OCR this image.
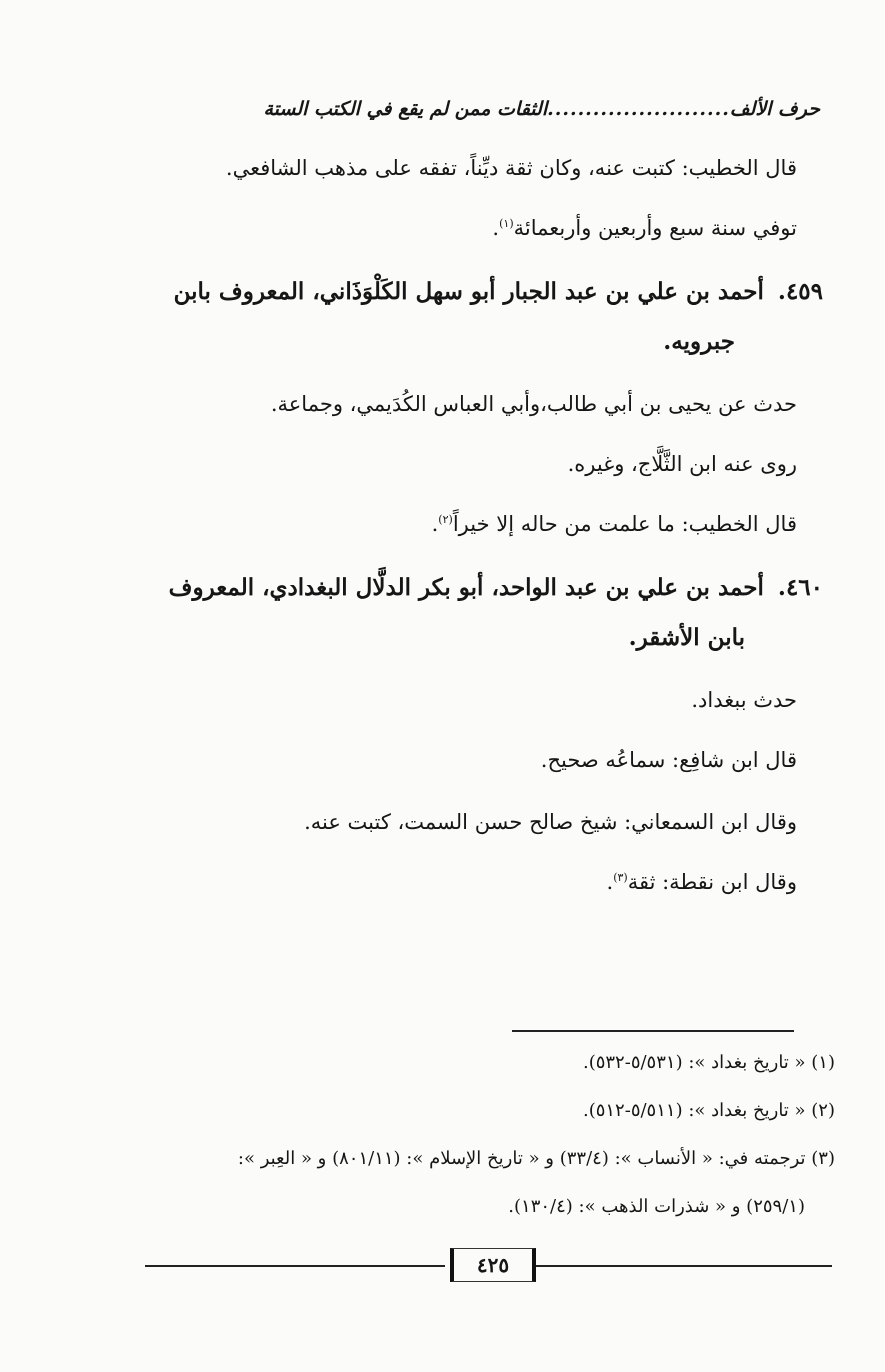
حرف الألف
........................
الثقات ممن لم يقع في الكتب الستة
قال الخطيب: كتبت عنه، وكان ثقة ديِّناً، تفقه على مذهب الشافعي.
توفي سنة سبع وأربعين وأربعمائة$^{(١)}$.
٤٥٩.أحمد بن علي بن عبد الجبار أبو سهل الكَلْوَذَاني، المعروف بابن
جبرويه.
حدث عن يحيى بن أبي طالب،وأبي العباس الكُدَيمي، وجماعة.
روى عنه ابن الثَّلَّاج، وغيره.
قال الخطيب: ما علمت من حاله إلا خيراً$^{(٢)}$.
٤٦٠.أحمد بن علي بن عبد الواحد، أبو بكر الدلَّال البغدادي، المعروف
بابن الأشقر.
حدث ببغداد.
قال ابن شافِع: سماعُه صحيح.
وقال ابن السمعاني: شيخ صالح حسن السمت، كتبت عنه.
وقال ابن نقطة: ثقة$^{(٣)}$.
(١) « تاريخ بغداد »: (٥/٥٣١-٥٣٢).
(٢) « تاريخ بغداد »: (٥/٥١١-٥١٢).
(٣) ترجمته في: « الأنساب »: (٣٣/٤) و « تاريخ الإسلام »: (٨٠١/١١) و « العِبر »:
(٢٥٩/١) و « شذرات الذهب »: (١٣٠/٤).
٤٢٥
